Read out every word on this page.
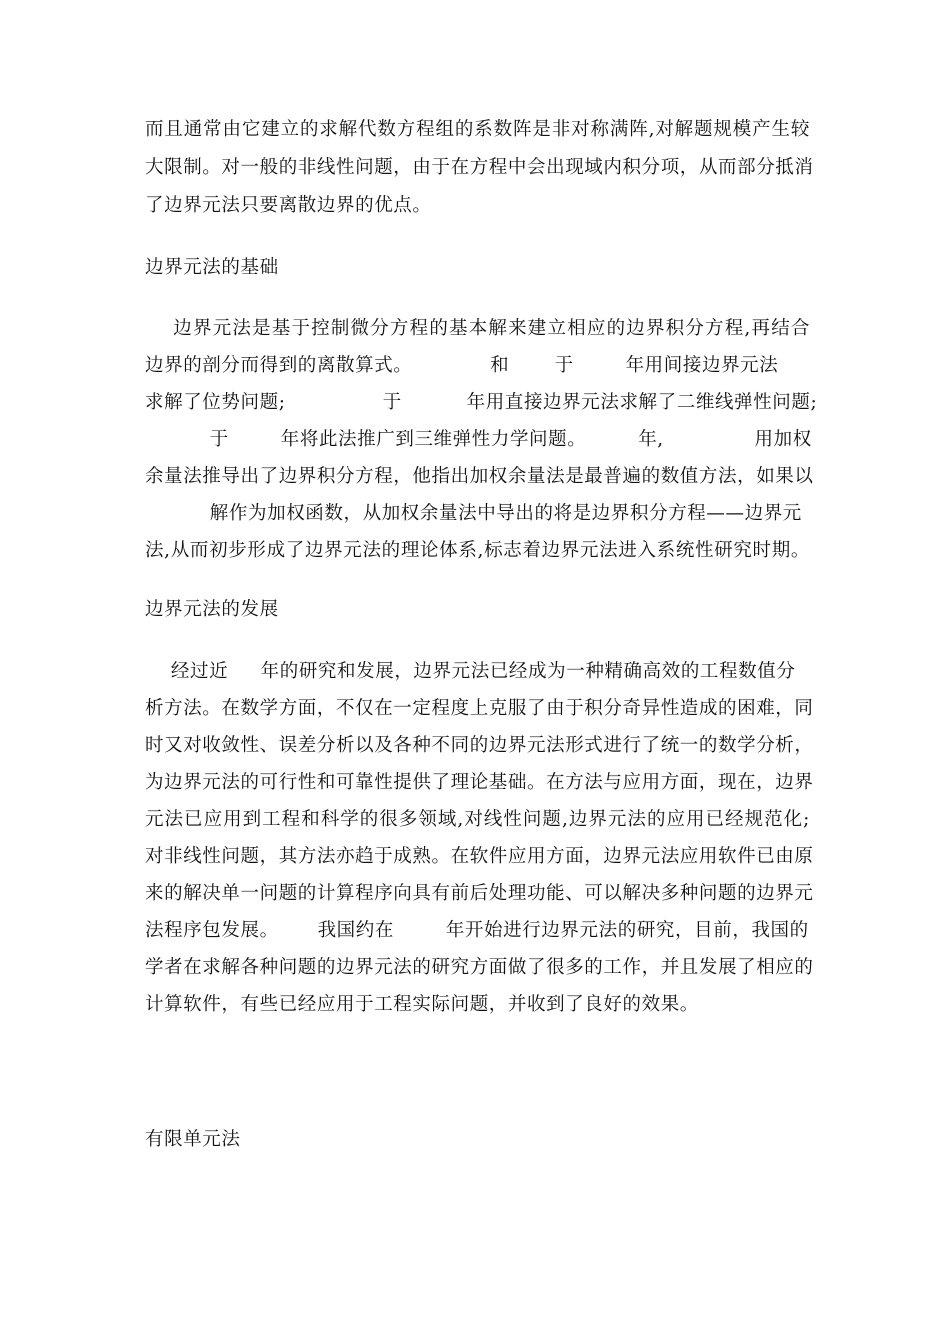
而且通常由它建立的求解代数方程组的系数阵是非对称满阵,对解题规模产生较
大限制。对一般的非线性问题，由于在方程中会出现域内积分项，从而部分抵消
了边界元法只要离散边界的优点。
边界元法的基础
边界元法是基于控制微分方程的基本解来建立相应的边界积分方程,再结合
边界的剖分而得到的离散算式。            和       于        年用间接边界元法
求解了位势问题;               于          年用直接边界元法求解了二维线弹性问题;
于        年将此法推广到三维弹性力学问题。        年,              用加权
余量法推导出了边界积分方程，他指出加权余量法是最普遍的数值方法，如果以
解作为加权函数，从加权余量法中导出的将是边界积分方程——边界元
法,从而初步形成了边界元法的理论体系,标志着边界元法进入系统性研究时期。
边界元法的发展
经过近     年的研究和发展，边界元法已经成为一种精确高效的工程数值分
析方法。在数学方面，不仅在一定程度上克服了由于积分奇异性造成的困难，同
时又对收敛性、误差分析以及各种不同的边界元法形式进行了统一的数学分析，
为边界元法的可行性和可靠性提供了理论基础。在方法与应用方面，现在，边界
元法已应用到工程和科学的很多领域,对线性问题,边界元法的应用已经规范化;
对非线性问题，其方法亦趋于成熟。在软件应用方面，边界元法应用软件已由原
来的解决单一问题的计算程序向具有前后处理功能、可以解决多种问题的边界元
法程序包发展。      我国约在        年开始进行边界元法的研究，目前，我国的
学者在求解各种问题的边界元法的研究方面做了很多的工作，并且发展了相应的
计算软件，有些已经应用于工程实际问题，并收到了良好的效果。
有限单元法
